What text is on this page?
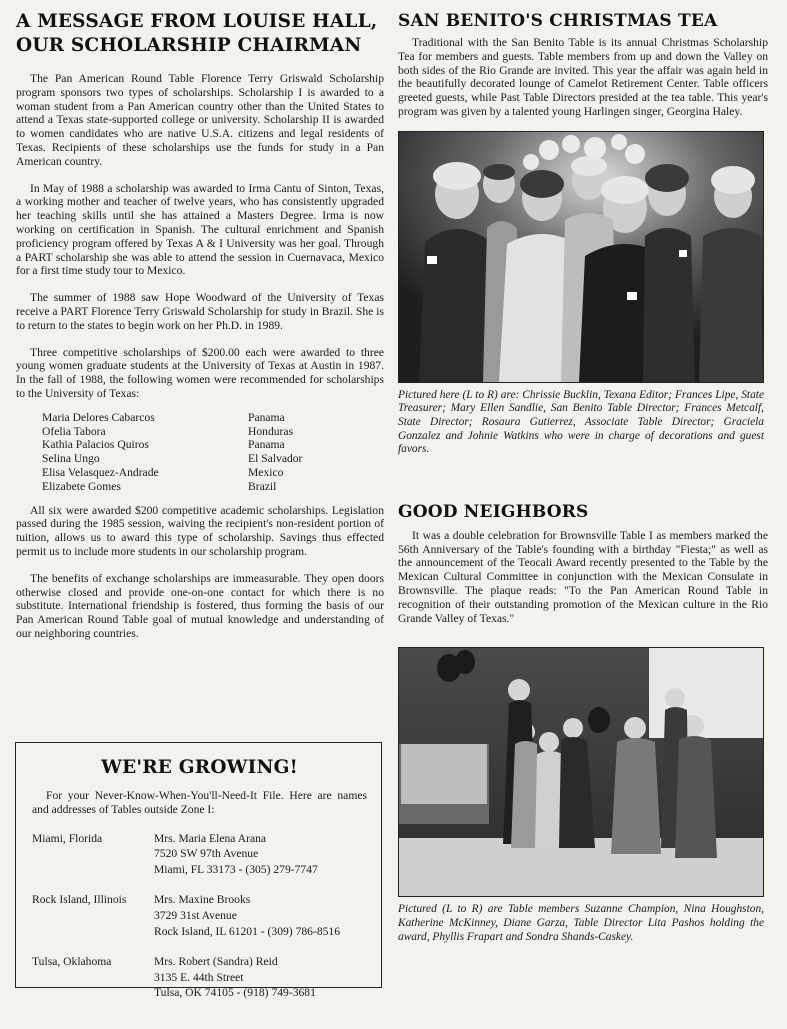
A MESSAGE FROM LOUISE HALL,
OUR SCHOLARSHIP CHAIRMAN

The Pan American Round Table Florence Terry Griswald Scholarship program sponsors two types of scholarships. Scholarship I is awarded to a woman student from a Pan American country other than the United States to attend a Texas state-supported college or university. Scholarship II is awarded to women candidates who are native U.S.A. citizens and legal residents of Texas. Recipients of these scholarships use the funds for study in a Pan American country.

In May of 1988 a scholarship was awarded to Irma Cantu of Sinton, Texas, a working mother and teacher of twelve years, who has consistently upgraded her teaching skills until she has attained a Masters Degree. Irma is now working on certification in Spanish. The cultural enrichment and Spanish proficiency program offered by Texas A & I University was her goal. Through a PART scholarship she was able to attend the session in Cuernavaca, Mexico for a first time study tour to Mexico.

The summer of 1988 saw Hope Woodward of the University of Texas receive a PART Florence Terry Griswald Scholarship for study in Brazil. She is to return to the states to begin work on her Ph.D. in 1989.

Three competitive scholarships of $200.00 each were awarded to three young women graduate students at the University of Texas at Austin in 1987. In the fall of 1988, the following women were recommended for scholarships to the University of Texas:

Maria Delores Cabarcos	Panama
Ofelia Tabora	Honduras
Kathia Palacios Quiros	Panama
Selina Ungo	El Salvador
Elisa Velasquez-Andrade	Mexico
Elizabete Gomes	Brazil

All six were awarded $200 competitive academic scholarships. Legislation passed during the 1985 session, waiving the recipient's non-resident portion of tuition, allows us to award this type of scholarship. Savings thus effected permit us to include more students in our scholarship program.

The benefits of exchange scholarships are immeasurable. They open doors otherwise closed and provide one-on-one contact for which there is no substitute. International friendship is fostered, thus forming the basis of our Pan American Round Table goal of mutual knowledge and understanding of our neighboring countries.

WE'RE GROWING!

For your Never-Know-When-You'll-Need-It File. Here are names and addresses of Tables outside Zone I:

Miami, Florida	Mrs. Maria Elena Arana
7520 SW 97th Avenue
Miami, FL 33173 - (305) 279-7747
Rock Island, Illinois	Mrs. Maxine Brooks
3729 31st Avenue
Rock Island, IL 61201 - (309) 786-8516
Tulsa, Oklahoma	Mrs. Robert (Sandra) Reid
3135 E. 44th Street
Tulsa, OK 74105 - (918) 749-3681
SAN BENITO'S CHRISTMAS TEA

Traditional with the San Benito Table is its annual Christmas Scholarship Tea for members and guests. Table members from up and down the Valley on both sides of the Rio Grande are invited. This year the affair was again held in the beautifully decorated lounge of Camelot Retirement Center. Table officers greeted guests, while Past Table Directors presided at the tea table. This year's program was given by a talented young Harlingen singer, Georgina Haley.

Pictured here (L to R) are: Chrissie Bucklin, Texana Editor; Frances Lipe, State Treasurer; Mary Ellen Sandlie, San Benito Table Director; Frances Metcalf, State Director; Rosaura Gutierrez, Associate Table Director; Graciela Gonzalez and Johnie Watkins who were in charge of decorations and guest favors.

GOOD NEIGHBORS

It was a double celebration for Brownsville Table I as members marked the 56th Anniversary of the Table's founding with a birthday "Fiesta;" as well as the announcement of the Teocali Award recently presented to the Table by the Mexican Cultural Committee in conjunction with the Mexican Consulate in Brownsville. The plaque reads: "To the Pan American Round Table in recognition of their outstanding promotion of the Mexican culture in the Rio Grande Valley of Texas."

Pictured (L to R) are Table members Suzanne Champion, Nina Houghston, Katherine McKinney, Diane Garza, Table Director Lita Pashos holding the award, Phyllis Frapart and Sondra Shands-Caskey.
